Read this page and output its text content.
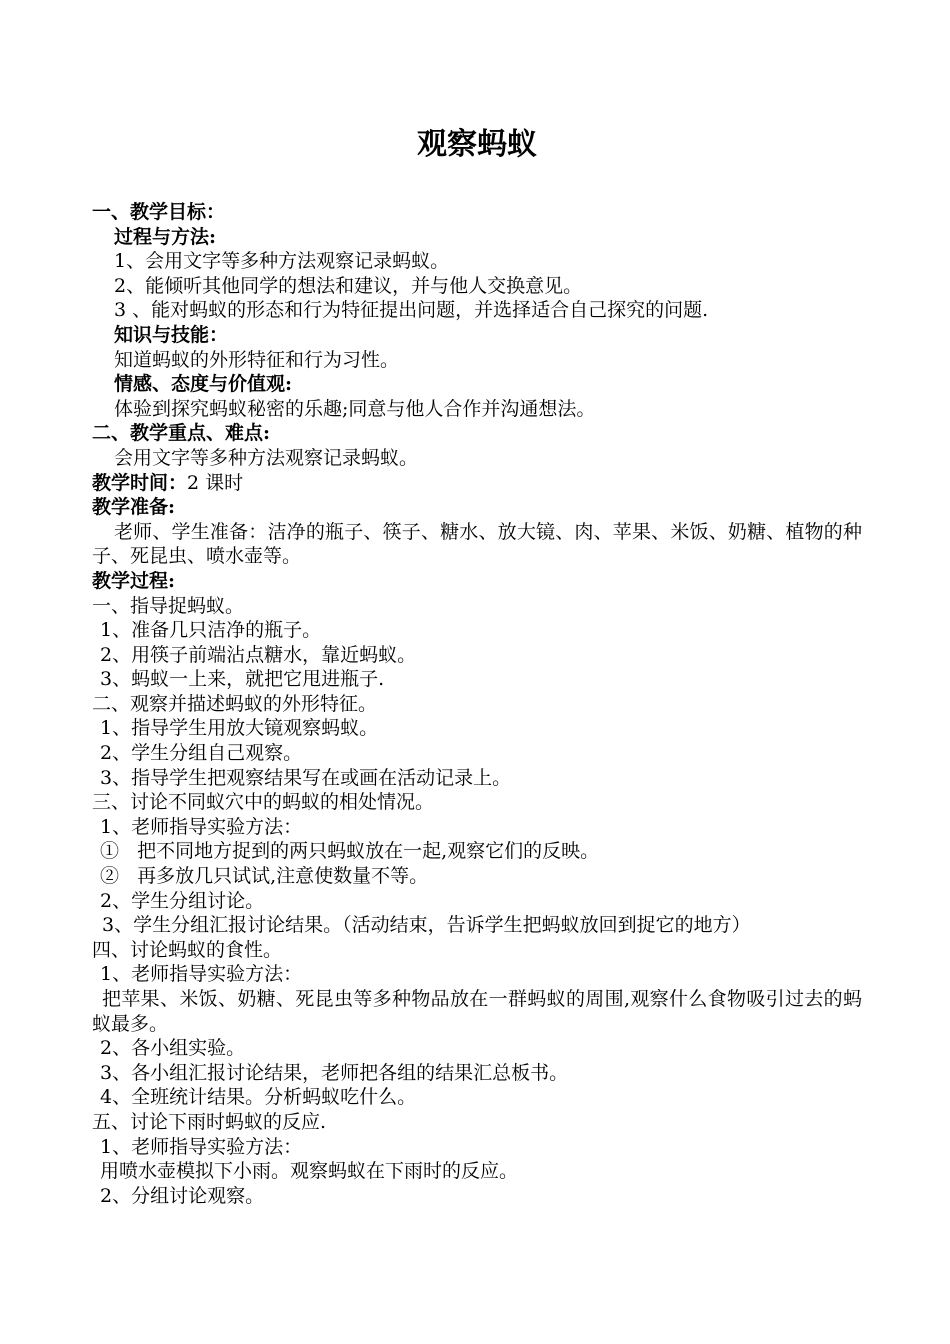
观察蚂蚁

一、教学目标：

过程与方法:

1、会用文字等多种方法观察记录蚂蚁。

2、能倾听其他同学的想法和建议，并与他人交换意见。

3 、能对蚂蚁的形态和行为特征提出问题，并选择适合自己探究的问题.

知识与技能：

知道蚂蚁的外形特征和行为习性。

情感、态度与价值观:

体验到探究蚂蚁秘密的乐趣;同意与他人合作并沟通想法。

二、教学重点、难点:

会用文字等多种方法观察记录蚂蚁。

教学时间：2 课时

教学准备:

老师、学生准备：洁净的瓶子、筷子、糖水、放大镜、肉、苹果、米饭、奶糖、植物的种子、死昆虫、喷水壶等。

教学过程:

一、指导捉蚂蚁。

1、准备几只洁净的瓶子。

2、用筷子前端沾点糖水，靠近蚂蚁。

3、蚂蚁一上来，就把它甩进瓶子.

二、观察并描述蚂蚁的外形特征。

1、指导学生用放大镜观察蚂蚁。

2、学生分组自己观察。

3、指导学生把观察结果写在或画在活动记录上。

三、讨论不同蚁穴中的蚂蚁的相处情况。

1、老师指导实验方法：

①   把不同地方捉到的两只蚂蚁放在一起,观察它们的反映。

②   再多放几只试试,注意使数量不等。

2、学生分组讨论。

3、学生分组汇报讨论结果。（活动结束，告诉学生把蚂蚁放回到捉它的地方）

四、讨论蚂蚁的食性。

1、老师指导实验方法：

把苹果、米饭、奶糖、死昆虫等多种物品放在一群蚂蚁的周围,观察什么食物吸引过去的蚂蚁最多。

2、各小组实验。

3、各小组汇报讨论结果，老师把各组的结果汇总板书。

4、全班统计结果。分析蚂蚁吃什么。

五、讨论下雨时蚂蚁的反应.

1、老师指导实验方法：

用喷水壶模拟下小雨。观察蚂蚁在下雨时的反应。

2、分组讨论观察。
